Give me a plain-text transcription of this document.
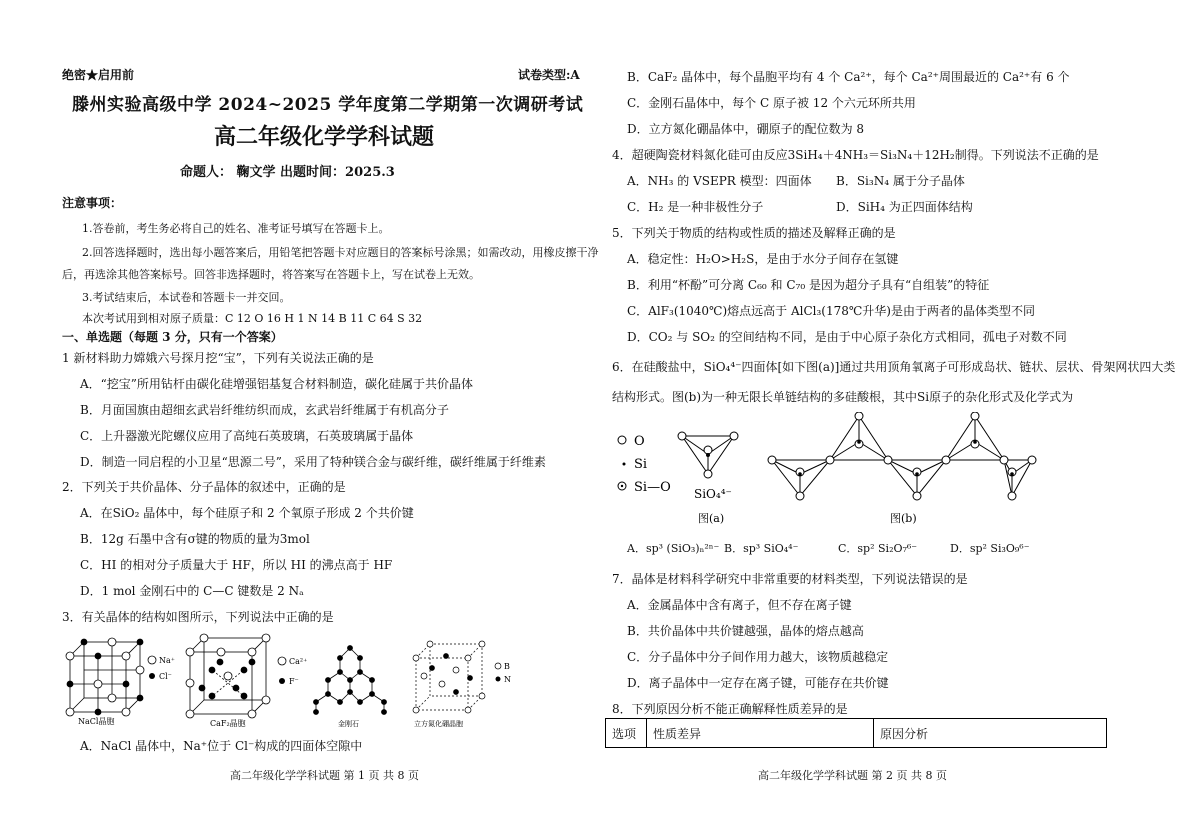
绝密★启用前	试卷类型:A
滕州实验高级中学 2024~2025 学年度第二学期第一次调研考试
高二年级化学学科试题
命题人： 鞠文学 出题时间：2025.3
注意事项：
1.答卷前，考生务必将自己的姓名、准考证号填写在答题卡上。
2.回答选择题时，选出每小题答案后，用铅笔把答题卡对应题目的答案标号涂黑；如需改动，用橡皮擦干净
后，再选涂其他答案标号。回答非选择题时，将答案写在答题卡上，写在试卷上无效。
3.考试结束后，本试卷和答题卡一并交回。
本次考试用到相对原子质量：C 12 O 16 H 1 N 14 B 11 C 64 S 32
一、单选题（每题 3 分，只有一个答案）
1 新材料助力嫦娥六号探月挖“宝”，下列有关说法正确的是
A．“挖宝”所用钻杆由碳化硅增强铝基复合材料制造，碳化硅属于共价晶体
B．月面国旗由超细玄武岩纤维纺织而成，玄武岩纤维属于有机高分子
C．上升器激光陀螺仪应用了高纯石英玻璃，石英玻璃属于晶体
D．制造一同启程的小卫星“思源二号”，采用了特种镁合金与碳纤维，碳纤维属于纤维素
2．下列关于共价晶体、分子晶体的叙述中，正确的是
A．在SiO₂ 晶体中，每个硅原子和 2 个氧原子形成 2 个共价键
B．12g 石墨中含有σ键的物质的量为3mol
C．HI 的相对分子质量大于 HF，所以 HI 的沸点高于 HF
D．1 mol 金刚石中的 C—C 键数是 2 Nₐ
3．有关晶体的结构如图所示，下列说法中正确的是
Na⁺
Cl⁻
NaCl晶胞
Ca²⁺
F⁻
CaF₂晶胞	金刚石
B
N
立方氮化硼晶胞
A．NaCl 晶体中，Na⁺位于 Cl⁻构成的四面体空隙中
高二年级化学学科试题 第 1 页 共 8 页
B．CaF₂ 晶体中，每个晶胞平均有 4 个 Ca²⁺，每个 Ca²⁺周围最近的 Ca²⁺有 6 个
C．金刚石晶体中，每个 C 原子被 12 个六元环所共用
D．立方氮化硼晶体中，硼原子的配位数为 8
4．超硬陶瓷材料氮化硅可由反应3SiH₄＋4NH₃＝Si₃N₄＋12H₂制得。下列说法不正确的是
A．NH₃ 的 VSEPR 模型：四面体 B．Si₃N₄ 属于分子晶体
C．H₂ 是一种非极性分子	D．SiH₄ 为正四面体结构
5．下列关于物质的结构或性质的描述及解释正确的是
A．稳定性：H₂O>H₂S，是由于水分子间存在氢键
B．利用“杯酚”可分离 C₆₀ 和 C₇₀ 是因为超分子具有“自组装”的特征
C．AlF₃(1040℃)熔点远高于 AlCl₃(178℃升华)是由于两者的晶体类型不同
D．CO₂ 与 SO₂ 的空间结构不同，是由于中心原子杂化方式相同，孤电子对数不同
6．在硅酸盐中，SiO₄⁴⁻四面体[如下图(a)]通过共用顶角氧离子可形成岛状、链状、层状、骨架网状四大类
结构形式。图(b)为一种无限长单链结构的多硅酸根，其中Si原子的杂化形式及化学式为
O
Si
Si—O SiO₄⁴⁻
图(a)	图(b)
A．sp³ (SiO₃)ₙ²ⁿ⁻ B．sp³ SiO₄⁴⁻	C．sp² Si₂O₇⁶⁻	D．sp² Si₃O₉⁶⁻
7．晶体是材料科学研究中非常重要的材料类型，下列说法错误的是
A．金属晶体中含有离子，但不存在离子键
B．共价晶体中共价键越强，晶体的熔点越高
C．分子晶体中分子间作用力越大，该物质越稳定
D．离子晶体中一定存在离子键，可能存在共价键
8．下列原因分析不能正确解释性质差异的是
选项	性质差异	原因分析
高二年级化学学科试题 第 2 页 共 8 页
